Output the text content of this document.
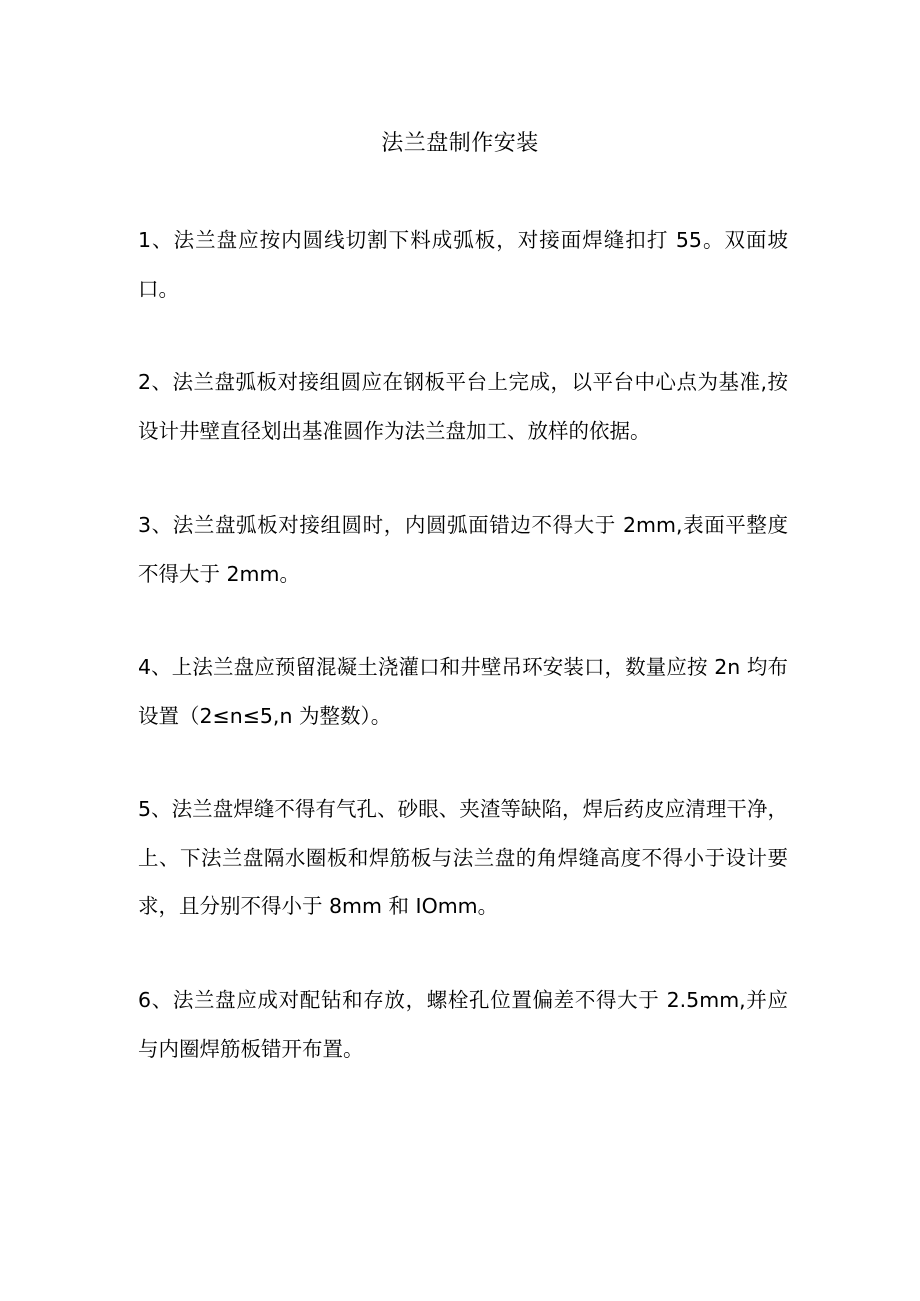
法兰盘制作安装

1、法兰盘应按内圆线切割下料成弧板，对接面焊缝扣打 55。双面坡口。

2、法兰盘弧板对接组圆应在钢板平台上完成，以平台中心点为基准,按设计井壁直径划出基准圆作为法兰盘加工、放样的依据。

3、法兰盘弧板对接组圆时，内圆弧面错边不得大于 2mm,表面平整度不得大于 2mm。

4、上法兰盘应预留混凝土浇灌口和井壁吊环安装口，数量应按 2n 均布设置（2≤n≤5,n 为整数）。

5、法兰盘焊缝不得有气孔、砂眼、夹渣等缺陷，焊后药皮应清理干净，上、下法兰盘隔水圈板和焊筋板与法兰盘的角焊缝高度不得小于设计要求，且分别不得小于 8mm 和 IOmm。

6、法兰盘应成对配钻和存放，螺栓孔位置偏差不得大于 2.5mm,并应与内圈焊筋板错开布置。
